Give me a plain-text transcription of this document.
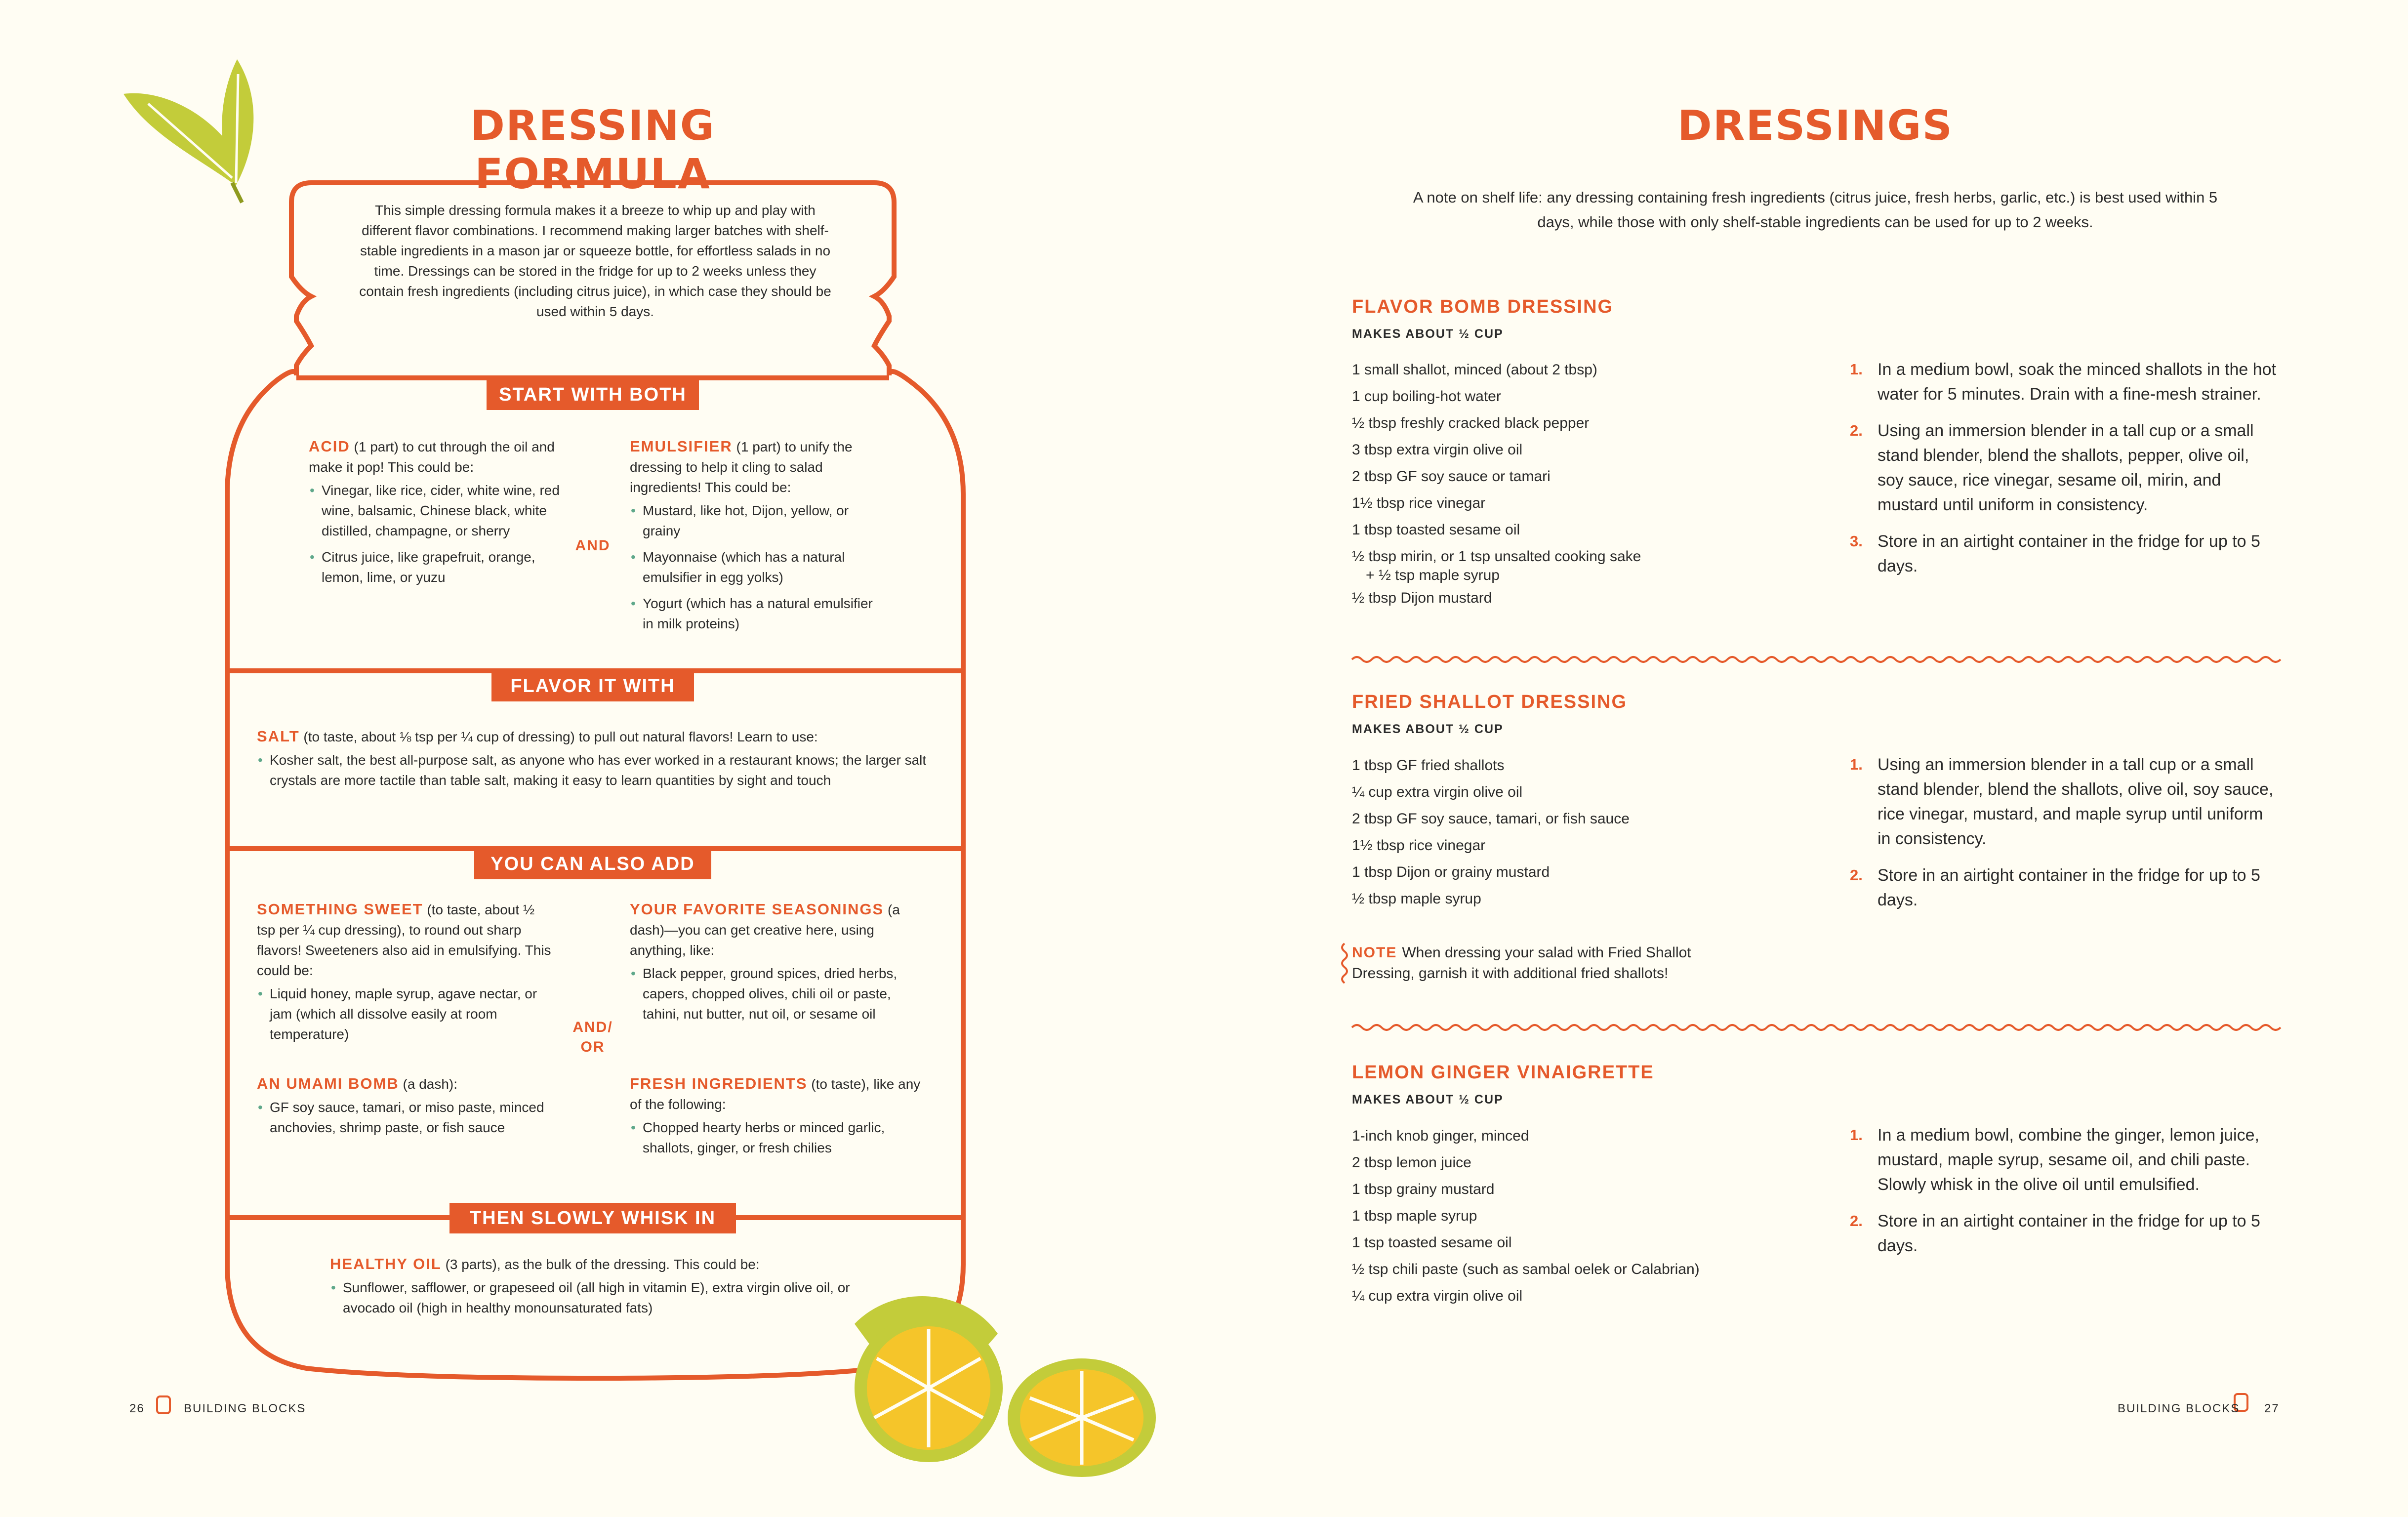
DRESSING FORMULA
This simple dressing formula makes it a breeze to whip up and play with different flavor combinations. I recommend making larger batches with shelf-stable ingredients in a mason jar or squeeze bottle, for effortless salads in no time. Dressings can be stored in the fridge for up to 2 weeks unless they contain fresh ingredients (including citrus juice), in which case they should be used within 5 days.
START WITH BOTH
ACID (1 part) to cut through the oil and make it pop! This could be:
• Vinegar, like rice, cider, white wine, red wine, balsamic, Chinese black, white distilled, champagne, or sherry
• Citrus juice, like grapefruit, orange, lemon, lime, or yuzu
AND
EMULSIFIER (1 part) to unify the dressing to help it cling to salad ingredients! This could be:
• Mustard, like hot, Dijon, yellow, or grainy
• Mayonnaise (which has a natural emulsifier in egg yolks)
• Yogurt (which has a natural emulsifier in milk proteins)
FLAVOR IT WITH
SALT (to taste, about ⅛ tsp per ¼ cup of dressing) to pull out natural flavors! Learn to use:
• Kosher salt, the best all-purpose salt, as anyone who has ever worked in a restaurant knows; the larger salt crystals are more tactile than table salt, making it easy to learn quantities by sight and touch
YOU CAN ALSO ADD
SOMETHING SWEET (to taste, about ½ tsp per ¼ cup dressing), to round out sharp flavors! Sweeteners also aid in emulsifying. This could be:
• Liquid honey, maple syrup, agave nectar, or jam (which all dissolve easily at room temperature)
AN UMAMI BOMB (a dash):
• GF soy sauce, tamari, or miso paste, minced anchovies, shrimp paste, or fish sauce
AND/ OR
YOUR FAVORITE SEASONINGS (a dash)—you can get creative here, using anything, like:
• Black pepper, ground spices, dried herbs, capers, chopped olives, chili oil or paste, tahini, nut butter, nut oil, or sesame oil
FRESH INGREDIENTS (to taste), like any of the following:
• Chopped hearty herbs or minced garlic, shallots, ginger, or fresh chilies
THEN SLOWLY WHISK IN
HEALTHY OIL (3 parts), as the bulk of the dressing. This could be:
• Sunflower, safflower, or grapeseed oil (all high in vitamin E), extra virgin olive oil, or avocado oil (high in healthy monounsaturated fats)
26	BUILDING BLOCKS
DRESSINGS
A note on shelf life: any dressing containing fresh ingredients (citrus juice, fresh herbs, garlic, etc.) is best used within 5 days, while those with only shelf-stable ingredients can be used for up to 2 weeks.
FLAVOR BOMB DRESSING
MAKES ABOUT ½ CUP
1 small shallot, minced (about 2 tbsp)
1 cup boiling-hot water
½ tbsp freshly cracked black pepper
3 tbsp extra virgin olive oil
2 tbsp GF soy sauce or tamari
1½ tbsp rice vinegar
1 tbsp toasted sesame oil
½ tbsp mirin, or 1 tsp unsalted cooking sake
+ ½ tsp maple syrup
½ tbsp Dijon mustard
1. In a medium bowl, soak the minced shallots in the hot water for 5 minutes. Drain with a fine-mesh strainer.
2. Using an immersion blender in a tall cup or a small stand blender, blend the shallots, pepper, olive oil, soy sauce, rice vinegar, sesame oil, mirin, and mustard until uniform in consistency.
3. Store in an airtight container in the fridge for up to 5 days.
FRIED SHALLOT DRESSING
MAKES ABOUT ½ CUP
1 tbsp GF fried shallots
¼ cup extra virgin olive oil
2 tbsp GF soy sauce, tamari, or fish sauce
1½ tbsp rice vinegar
1 tbsp Dijon or grainy mustard
½ tbsp maple syrup
NOTE When dressing your salad with Fried Shallot Dressing, garnish it with additional fried shallots!
1. Using an immersion blender in a tall cup or a small stand blender, blend the shallots, olive oil, soy sauce, rice vinegar, mustard, and maple syrup until uniform in consistency.
2. Store in an airtight container in the fridge for up to 5 days.
LEMON GINGER VINAIGRETTE
MAKES ABOUT ½ CUP
1-inch knob ginger, minced
2 tbsp lemon juice
1 tbsp grainy mustard
1 tbsp maple syrup
1 tsp toasted sesame oil
½ tsp chili paste (such as sambal oelek or Calabrian)
¼ cup extra virgin olive oil
1. In a medium bowl, combine the ginger, lemon juice, mustard, maple syrup, sesame oil, and chili paste. Slowly whisk in the olive oil until emulsified.
2. Store in an airtight container in the fridge for up to 5 days.
BUILDING BLOCKS 27
